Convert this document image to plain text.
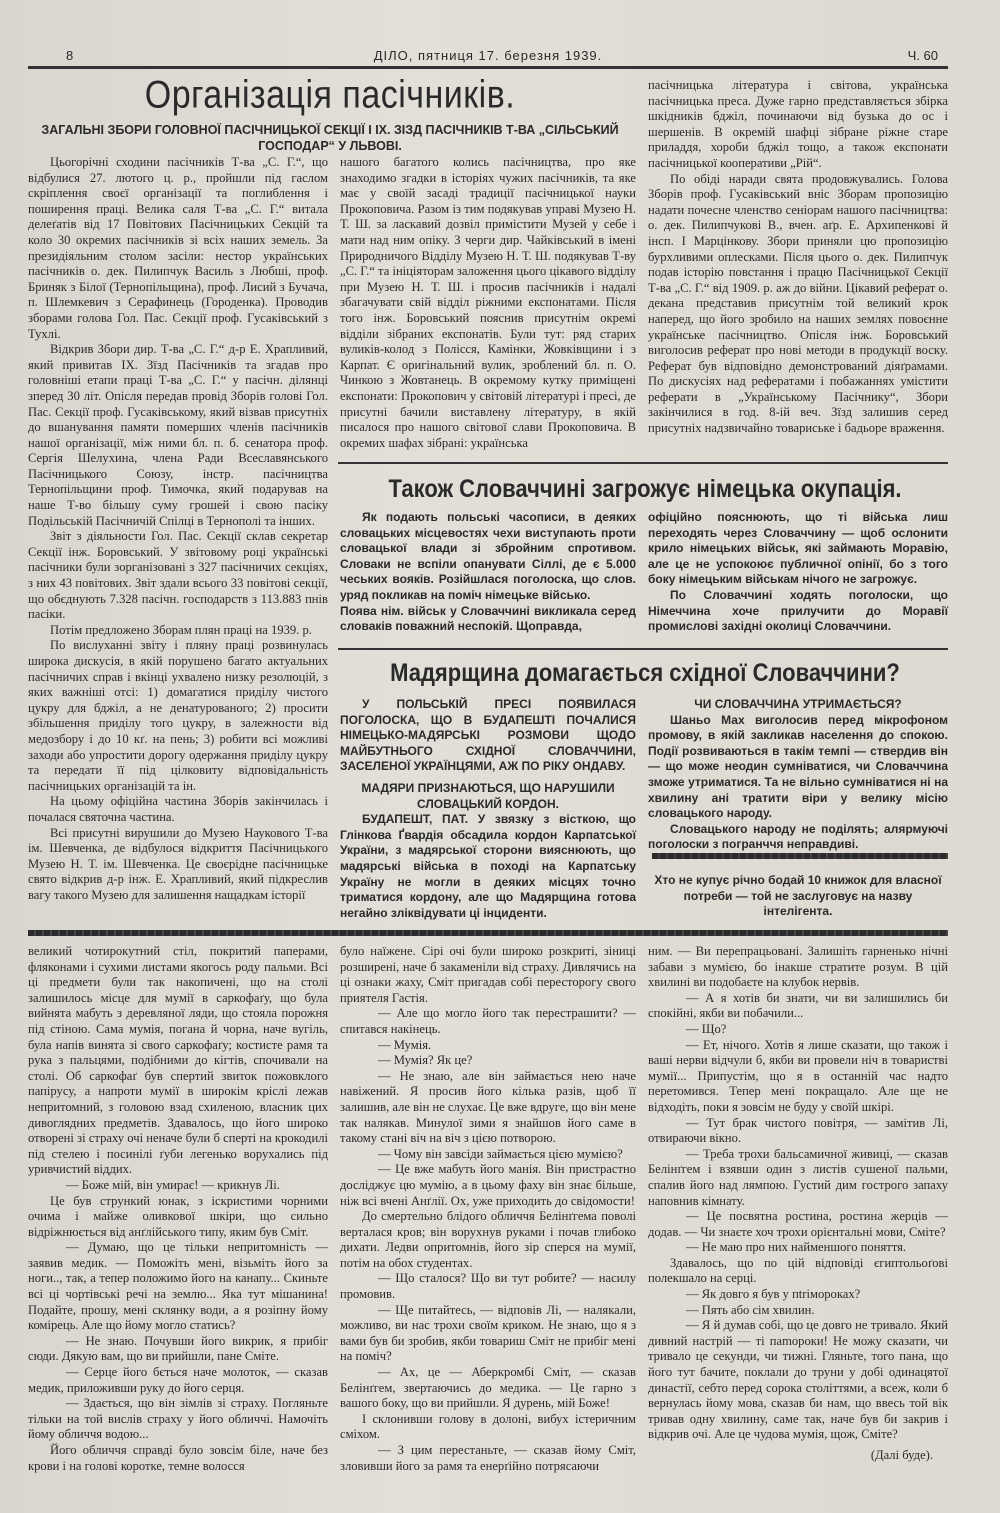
8	ДІЛО, пятниця 17. березня 1939.	Ч. 60
Органiзацiя пасiчникiв.
ЗАГАЛЬНІ ЗБОРИ ГОЛОВНОЇ ПАСІЧНИЦЬКОЇ СЕКЦІЇ І ІХ. ЗІЗД ПАСІЧНИКІВ Т-ВА „СІЛЬСЬКИЙ ГОСПОДАР“ У ЛЬВОВІ.

Цьогорічні сходини пасічників Т-ва „С. Г.“, що відбулися 27. лютого ц. р., пройшли під гаслом скріплення своєї організації та поглиблення і поширення праці. Велика саля Т-ва „С. Г.“ витала делеґатів від 17 Повітових Пасічницьких Секцій та коло 30 окремих пасічників зі всіх наших земель. За президіяльним столом засіли: нестор українських пасічників о. дек. Пилипчук Василь з Любші, проф. Бриняк з Білої (Тернопільщина), проф. Лисий з Бучача, п. Шлемкевич з Серафинець (Городенка). Проводив зборами голова Гол. Пас. Секції проф. Гусаківський з Тухлі.

Відкрив Збори дир. Т-ва „С. Г.“ д-р Е. Храпливий, який привитав ІХ. Зїзд Пасічників та згадав про головніші етапи праці Т-ва „С. Г.“ у пасічн. ділянці зперед 30 літ. Опісля передав провід Зборів голові Гол. Пас. Секції проф. Гусаківському, який візвав присутніх до вшанування памяти померших членів пасічників нашої організації, між ними бл. п. б. сенатора проф. Сергія Шелухина, члена Ради Вceславянського Пасічницького Союзу, інстр. пасічництва Тернопільщини проф. Тимочка, який подарував на наше Т-во більшу суму грошей і свою пасіку Подільській Пасічничій Спілці в Тернополі та інших.

Звіт з діяльности Гол. Пас. Секції склав секретар Секції інж. Боровський. У звітовому році українські пасічники були зорганізовані з 327 пасічничих секціях, з них 43 повітових. Звіт здали всього 33 повітові секції, що обєднують 7.328 пасічн. господарств з 113.883 пнів пасіки.

Потім предложено Зборам плян праці на 1939. р.

По вислуханні звіту і пляну праці розвинулась широка дискусія, в якій порушено багато актуальних пасічничих справ і вкінці ухвалено низку резолюцій, з яких важніші отсі: 1) домагатися приділу чистого цукру для бджіл, а не денатурованого; 2) просити збільшення приділу того цукру, в залежности від медозбору і до 10 кґ. на пень; 3) робити всі можливі заходи або упростити дорогу одержання приділу цукру та передати її під цілковиту відповідальність пасічницьких організацій та ін.

На цьому офіційна частина Зборів закінчилась і почалася святочна частина.

Всі присутні вирушили до Музею Наукового Т-ва ім. Шевченка, де відбулося відкриття Пасічницького Музею Н. Т. ім. Шевченка. Це своєрідне пасічницьке свято відкрив д-р інж. Е. Храпливий, який підкреслив вагу такого Музею для залишення нащадкам історії

нашого багатого колись пасічництва, про яке знаходимо згадки в історіях чужих пасічників, та яке має у своїй засаді традиції пасічницької науки Прокоповича. Разом із тим подякував управі Музею Н. Т. Ш. за ласкавий дозвіл примістити Музей у себе і мати над ним опіку. З черги дир. Чайківський в імені Природничого Відділу Музею Н. Т. Ш. подякував Т-ву „С. Г.“ та ініціяторам заложення цього цікавого відділу при Музею Н. Т. Ш. і просив пасічників і надалі збагачувати свій відділ ріжними експонатами. Після того інж. Боровський пояснив присутнім окремі відділи зібраних експонатів. Були тут: ряд старих вуликів-колод з Полісся, Камінки, Жовківщини і з Карпат. Є оригінальний вулик, зроблений бл. п. О. Чинкою з Жовтанець. В окремому кутку приміщені експонати: Прокопович у світовій літературі і пресі, де присутні бачили виставлену літературу, в якій писалося про нашого світової слави Прокоповича. В окремих шафах зібрані: українська

пасічницька література і світова, українська пасічницька преса. Дуже гарно представляється збірка шкідників бджіл, починаючи від бузька до ос і шершенів. В окремій шафці зібране ріжне старе приладдя, хороби бджіл тощо, а також експонати пасічницької кооперативи „Рій“.

По обіді наради свята продовжувались. Голова Зборів проф. Гусаківський вніс Зборам пропозицію надати почесне членство сеніорам нашого пасічництва: о. дек. Пилипчукові В., вчен. аґр. Е. Архипенкові й інсп. І Марцінкову. Збори приняли цю пропозицію бурхливими оплесками. Після цього о. дек. Пилипчук подав історію повстання і працю Пасічницької Секції Т-ва „С. Г.“ від 1909. р. аж до війни. Цікавий реферат о. декана представив присутнім той великий крок наперед, що його зробило на наших землях повоєнне українське пасічництво. Опісля інж. Боровський виголосив реферат про нові методи в продукції воску. Реферат був відповідно демонстрований діяґрамами. По дискусіях над рефератами і побажаннях умістити реферати в „Українському Пасічнику“, Збори закінчилися в год. 8-ій веч. Зїзд залишив серед присутніх надзвичайно товариське і бадьоре враження.

Також Словаччині загрожує німецька окупація.

Як подають польські часописи, в деяких словацьких місцевостях чехи виступають проти словацької влади зі збройним спротивом. Словаки не вспіли опанувати Сіллі, де є 5.000 чеських вояків. Розійшлася поголоска, що слов. уряд покликав на поміч німецьке військо.

Поява нім. військ у Словаччині викликала серед словаків поважний неспокій. Щоправда,

офіційно пояснюють, що ті війська лиш переходять через Словаччину — щоб ослонити крило німецьких військ, які займають Моравію, але це не успокоює публичної опінії, бо з того боку німецьким військам нічого не загрожує.

По Словаччині ходять поголоски, що Німеччина хоче прилучити до Моравії промислові західні околиці Словаччини.

Мадярщина домагається східної Словаччини?

У ПОЛЬСЬКІЙ ПРЕСІ ПОЯВИЛАСЯ ПОГОЛОСКА, ЩО В БУДАПЕШТІ ПОЧАЛИСЯ НІМЕЦЬКО-МАДЯРСЬКІ РОЗМОВИ ЩОДО МАЙБУТНЬОГО СХІДНОЇ СЛОВАЧЧИНИ, ЗАСЕЛЕНОЇ УКРАЇНЦЯМИ, АЖ ПО РІКУ ОНДАВУ.

МАДЯРИ ПРИЗНАЮТЬСЯ, ЩО НАРУШИЛИ СЛОВАЦЬКИЙ КОРДОН.

БУДАПЕШТ, ПАТ. У звязку з вісткою, що Глінкова Ґвардія обсадила кордон Карпатської України, з мадярської сторони вияснюють, що мадярські війська в поході на Карпатську Україну не могли в деяких місцях точно триматися кордону, але що Мадярщина готова негайно зліквідувати ці інциденти.

ЧИ СЛОВАЧЧИНА УТРИМАЄТЬСЯ?

Шаньо Мах виголосив перед мікрофоном промову, в якій закликав населення до спокою. Події розвиваються в такім темпі — ствердив він — що може неодин сумніватися, чи Словаччина зможе утриматися. Та не вільно сумніватися ні на хвилину ані тратити віри у велику місію словацького народу.

Словацького народу не поділять; алярмуючі поголоски з погранччя неправдиві.

Хто не купує річно бодай 10 книжок для власної потреби — той не заслуговує на назву інтелігента.

великий чотирокутний стіл, покритий паперами, фляконами і сухими листами якогось роду пальми. Всі ці предмети були так накопичені, що на столі залишилось місце для мумії в саркофаґу, що була вийнята мабуть з деревляної ляди, що стояла порожня під стіною. Сама мумія, погана й чорна, наче вугіль, була напів винята зі свого саркофаґу; костисте рамя та рука з пальцями, подібними до кігтів, спочивали на столі. Об саркофаґ був спертий звиток пожовклого папірусу, а напроти мумії в широкім кріслі лежав непритомний, з головою взад схиленою, власник цих дивоглядних предметів. Здавалось, що його широко отворені зі страху очі неначе були б сперті на крокодилі під стелею і посинілі ґуби легенько ворухались під уривчистий віддих.

— Боже мій, він умирає! — крикнув Лі.

Це був стрункий юнак, з іскристими чорними очима і майже оливкової шкіри, що сильно відріжнюється від анґлійського типу, яким був Сміт.

— Думаю, що це тільки непритомність — заявив медик. — Поможіть мені, візьміть його за ноги.., так, а тепер положимо його на канапу... Скиньте всі ці чортівські речі на землю... Яка тут мішанина! Подайте, прошу, мені склянку води, а я розіпну йому комірець. Але що йому могло статись?

— Не знаю. Почувши його викрик, я прибіг сюди. Дякую вам, що ви прийшли, пане Сміте.

— Серце його бється наче молоток, — сказав медик, приложивши руку до його серця.

— Здається, що він зімлів зі страху. Погляньте тільки на той вислів страху у його обличчі. Намочіть йому обличчя водою...

Його обличчя справді було зовсім біле, наче без крови і на голові коротке, темне волосся

було наїжене. Сірі очі були широко розкриті, зіниці розширені, наче б закаменіли від страху. Дивлячись на ці ознаки жаху, Сміт пригадав собі пересторогу свого приятеля Гастія.

— Але що могло його так перестрашити? — спитався накінець.

— Мумія.

— Мумія? Як це?

— Не знаю, але він займається нею наче навіжений. Я просив його кілька разів, щоб її залишив, але він не слухає. Це вже вдруге, що він мене так налякав. Минулої зими я знайшов його саме в такому стані віч на віч з цією потворою.

— Чому він завсіди займається цією мумією?

— Це вже мабуть його манія. Він пристрастно досліджує цю мумію, а в цьому фаху він знає більше, ніж всі вчені Анґлії. Ох, уже приходить до свідомости!

До смертельно блідого обличчя Белінґгема поволі верталася кров; він ворухнув руками і почав глибоко дихати. Ледви опритомнів, його зір сперся на мумії, потім на обох студентах.

— Що сталося? Що ви тут робите? — насилу промовив.

— Ще питайтесь, — відповів Лі, — налякали, можливо, ви нас трохи своїм криком. Не знаю, що я з вами був би зробив, якби товариш Сміт не прибіг мені на поміч?

— Ах, це — Аберкромбі Сміт, — сказав Белінґгем, звертаючись до медика. — Це гарно з вашого боку, що ви прийшли. Я дурень, мій Боже!

І склонивши голову в долоні, вибух істеричним сміхом.

— З цим перестаньте, — сказав йому Сміт, зловивши його за рамя та енерґійно потрясаючи

ним. — Ви перепрацьовані. Залишіть гарненько нічні забави з мумією, бо інакше стратите розум. В цій хвилині ви подобаєте на клубок нервів.

— А я хотів би знати, чи ви залишились би спокійні, якби ви побачили...

— Що?

— Ет, нічого. Хотів я лише сказати, що також і ваші нерви відчули б, якби ви провели ніч в товаристві мумії... Припустім, що я в останній час надто перетомився. Тепер мені покращало. Але ще не відходіть, поки я зовсім не буду у своїй шкірі.

— Тут брак чистого повітря, — замітив Лі, отвираючи вікно.

— Треба трохи бальсамичної живиці, — сказав Белінґгем і взявши один з листів сушеної пальми, спалив його над лямпою. Густий дим гострого запаху наповнив кімнату.

— Це посвятна ростина, ростина жерців — додав. — Чи знаєте хоч трохи орієнтальні мови, Сміте?

— Не маю про них найменшого поняття.

Здавалось, що по цій відповіді єгиптольоґові полекшало на серці.

— Як довго я був у пtriмороках?

— Пять або сім хвилин.

— Я й думав собі, що це довго не тривало. Який дивний настрій — ті пamороки! Не можу сказати, чи тривало це секунди, чи тижні. Гляньте, того пана, що його тут бачите, поклали до труни у добі одинацятої династії, себто перед сорока століттями, а всеж, коли б вернулась йому мова, сказав би нам, що ввесь той вік тривав одну хвилину, саме так, наче був би закрив і відкрив очі. Але це чудова мумія, щож, Сміте?

(Далі буде).
